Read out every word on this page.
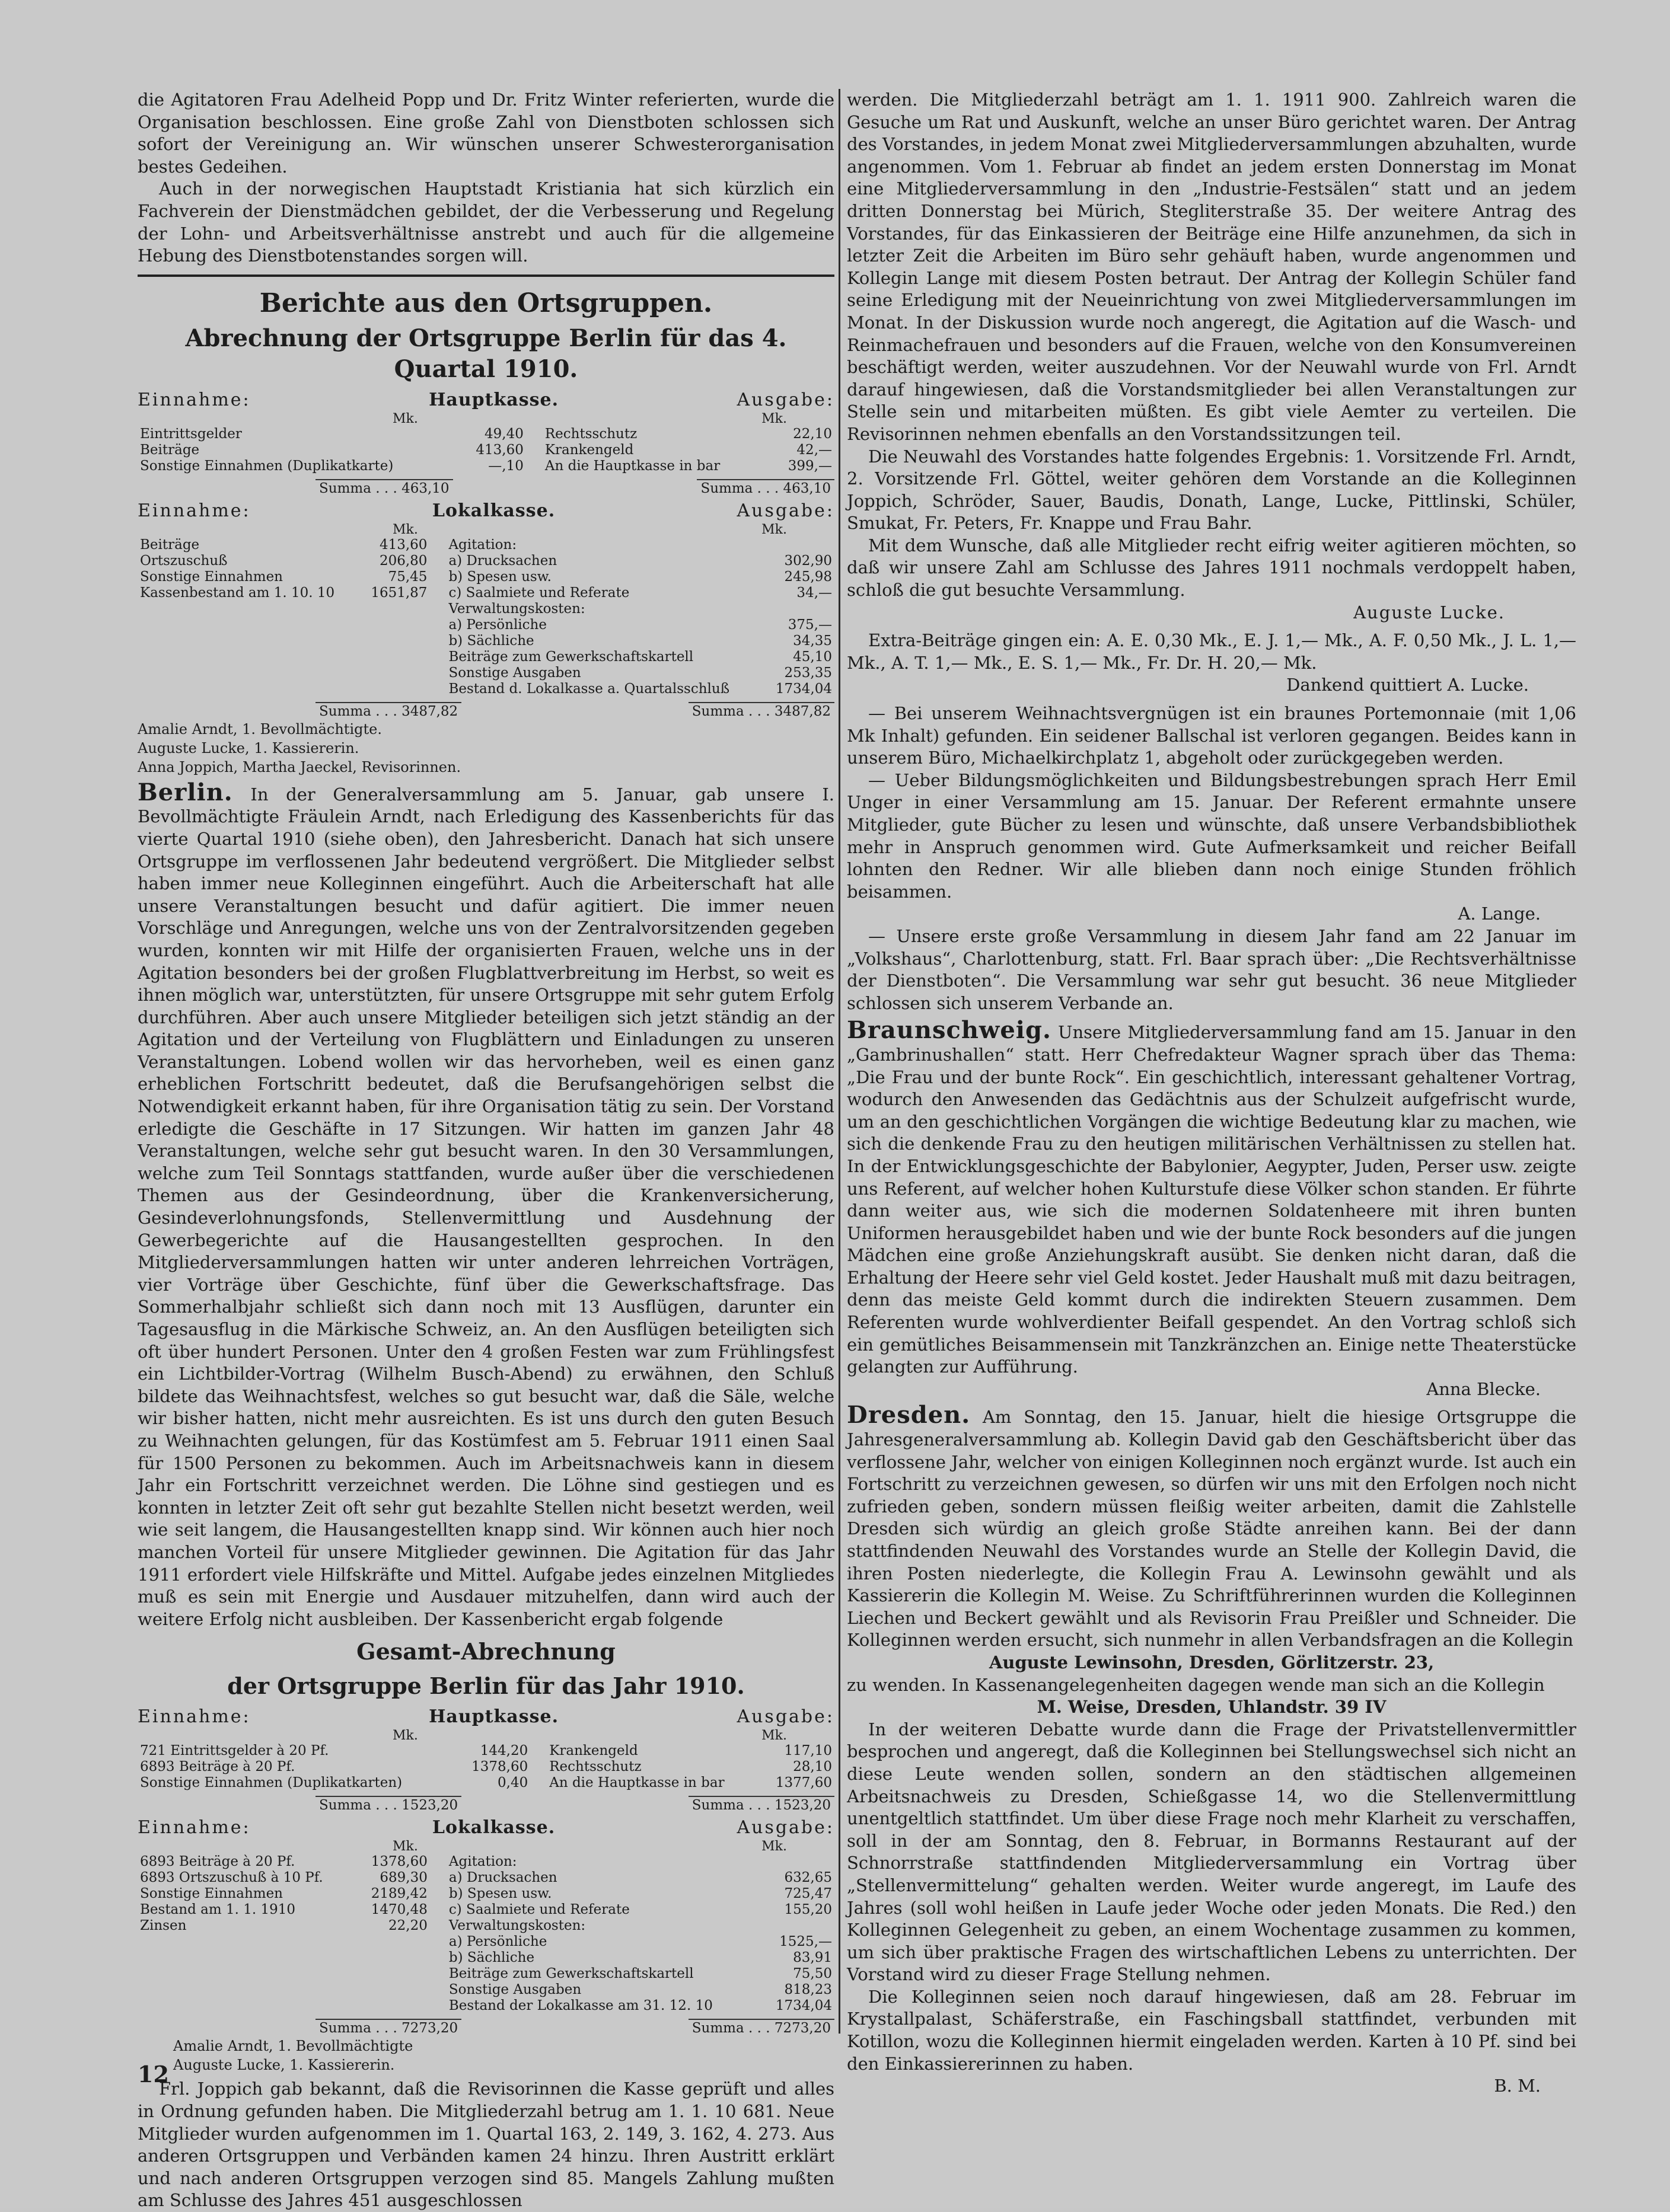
die Agitatoren Frau Adelheid Popp und Dr. Fritz Winter referierten, wurde die Organisation beschlossen. Eine große Zahl von Dienstboten schlossen sich sofort der Vereinigung an. Wir wünschen unserer Schwesterorganisation bestes Gedeihen.

Auch in der norwegischen Hauptstadt Kristiania hat sich kürzlich ein Fachverein der Dienstmädchen gebildet, der die Verbesserung und Regelung der Lohn- und Arbeitsverhältnisse anstrebt und auch für die allgemeine Hebung des Dienstbotenstandes sorgen will.

Berichte aus den Ortsgruppen.
Abrechnung der Ortsgruppe Berlin für das 4. Quartal 1910.
Einnahme:	Hauptkasse.	Ausgabe:
Mk.	Mk.
Eintrittsgelder	49,40		Rechtsschutz	22,10
Beiträge	413,60		Krankengeld	42,—
Sonstige Einnahmen (Duplikatkarte)	—,10		An die Hauptkasse in bar	399,—
Summa . . . 463,10	Summa . . . 463,10
Einnahme:	Lokalkasse.	Ausgabe:
Mk.	Mk.
Beiträge	413,60		Agitation:	
Ortszuschuß	206,80		a) Drucksachen	302,90
Sonstige Einnahmen	75,45		b) Spesen usw.	245,98
Kassenbestand am 1. 10. 10	1651,87		c) Saalmiete und Referate	34,—
			Verwaltungskosten:	
			a) Persönliche	375,—
			b) Sächliche	34,35
			Beiträge zum Gewerkschaftskartell	45,10
			Sonstige Ausgaben	253,35
			Bestand d. Lokalkasse a. Quartalsschluß	1734,04
Summa . . . 3487,82	Summa . . . 3487,82
Amalie Arndt, 1. Bevollmächtigte.
Auguste Lucke, 1. Kassiererin.
Anna Joppich, Martha Jaeckel, Revisorinnen.

Berlin. In der Generalversammlung am 5. Januar, gab unsere I. Bevollmächtigte Fräulein Arndt, nach Erledigung des Kassenberichts für das vierte Quartal 1910 (siehe oben), den Jahresbericht. Danach hat sich unsere Ortsgruppe im verflossenen Jahr bedeutend vergrößert. Die Mitglieder selbst haben immer neue Kolleginnen eingeführt. Auch die Arbeiterschaft hat alle unsere Veranstaltungen besucht und dafür agitiert. Die immer neuen Vorschläge und Anregungen, welche uns von der Zentralvorsitzenden gegeben wurden, konnten wir mit Hilfe der organisierten Frauen, welche uns in der Agitation besonders bei der großen Flugblattverbreitung im Herbst, so weit es ihnen möglich war, unterstützten, für unsere Ortsgruppe mit sehr gutem Erfolg durchführen. Aber auch unsere Mitglieder beteiligen sich jetzt ständig an der Agitation und der Verteilung von Flugblättern und Einladungen zu unseren Veranstaltungen. Lobend wollen wir das hervorheben, weil es einen ganz erheblichen Fortschritt bedeutet, daß die Berufsangehörigen selbst die Notwendigkeit erkannt haben, für ihre Organisation tätig zu sein. Der Vorstand erledigte die Geschäfte in 17 Sitzungen. Wir hatten im ganzen Jahr 48 Veranstaltungen, welche sehr gut besucht waren. In den 30 Versammlungen, welche zum Teil Sonntags stattfanden, wurde außer über die verschiedenen Themen aus der Gesindeordnung, über die Krankenversicherung, Gesindeverlohnungsfonds, Stellenvermittlung und Ausdehnung der Gewerbegerichte auf die Hausangestellten gesprochen. In den Mitgliederversammlungen hatten wir unter anderen lehrreichen Vorträgen, vier Vorträge über Geschichte, fünf über die Gewerkschaftsfrage. Das Sommerhalbjahr schließt sich dann noch mit 13 Ausflügen, darunter ein Tagesausflug in die Märkische Schweiz, an. An den Ausflügen beteiligten sich oft über hundert Personen. Unter den 4 großen Festen war zum Frühlingsfest ein Lichtbilder-Vortrag (Wilhelm Busch-Abend) zu erwähnen, den Schluß bildete das Weihnachtsfest, welches so gut besucht war, daß die Säle, welche wir bisher hatten, nicht mehr ausreichten. Es ist uns durch den guten Besuch zu Weihnachten gelungen, für das Kostümfest am 5. Februar 1911 einen Saal für 1500 Personen zu bekommen. Auch im Arbeitsnachweis kann in diesem Jahr ein Fortschritt verzeichnet werden. Die Löhne sind gestiegen und es konnten in letzter Zeit oft sehr gut bezahlte Stellen nicht besetzt werden, weil wie seit langem, die Hausangestellten knapp sind. Wir können auch hier noch manchen Vorteil für unsere Mitglieder gewinnen. Die Agitation für das Jahr 1911 erfordert viele Hilfskräfte und Mittel. Aufgabe jedes einzelnen Mitgliedes muß es sein mit Energie und Ausdauer mitzuhelfen, dann wird auch der weitere Erfolg nicht ausbleiben. Der Kassenbericht ergab folgende

Gesamt-Abrechnung
der Ortsgruppe Berlin für das Jahr 1910.
Einnahme:	Hauptkasse.	Ausgabe:
Mk.	Mk.
721 Eintrittsgelder à 20 Pf.	144,20		Krankengeld	117,10
6893 Beiträge à 20 Pf.	1378,60		Rechtsschutz	28,10
Sonstige Einnahmen (Duplikatkarten)	0,40		An die Hauptkasse in bar	1377,60
Summa . . . 1523,20	Summa . . . 1523,20
Einnahme:	Lokalkasse.	Ausgabe:
Mk.	Mk.
6893 Beiträge à 20 Pf.	1378,60		Agitation:	
6893 Ortszuschuß à 10 Pf.	689,30		a) Drucksachen	632,65
Sonstige Einnahmen	2189,42		b) Spesen usw.	725,47
Bestand am 1. 1. 1910	1470,48		c) Saalmiete und Referate	155,20
Zinsen	22,20		Verwaltungskosten:	
			a) Persönliche	1525,—
			b) Sächliche	83,91
			Beiträge zum Gewerkschaftskartell	75,50
			Sonstige Ausgaben	818,23
			Bestand der Lokalkasse am 31. 12. 10	1734,04
Summa . . . 7273,20	Summa . . . 7273,20
Amalie Arndt, 1. Bevollmächtigte
Auguste Lucke, 1. Kassiererin.

Frl. Joppich gab bekannt, daß die Revisorinnen die Kasse geprüft und alles in Ordnung gefunden haben. Die Mitgliederzahl betrug am 1. 1. 10 681. Neue Mitglieder wurden aufgenommen im 1. Quartal 163, 2. 149, 3. 162, 4. 273. Aus anderen Ortsgruppen und Verbänden kamen 24 hinzu. Ihren Austritt erklärt und nach anderen Ortsgruppen verzogen sind 85. Mangels Zahlung mußten am Schlusse des Jahres 451 ausgeschlossen

12

werden. Die Mitgliederzahl beträgt am 1. 1. 1911 900. Zahlreich waren die Gesuche um Rat und Auskunft, welche an unser Büro gerichtet waren. Der Antrag des Vorstandes, in jedem Monat zwei Mitgliederversammlungen abzuhalten, wurde angenommen. Vom 1. Februar ab findet an jedem ersten Donnerstag im Monat eine Mitgliederversammlung in den „Industrie-Festsälen“ statt und an jedem dritten Donnerstag bei Mürich, Stegliterstraße 35. Der weitere Antrag des Vorstandes, für das Einkassieren der Beiträge eine Hilfe anzunehmen, da sich in letzter Zeit die Arbeiten im Büro sehr gehäuft haben, wurde angenommen und Kollegin Lange mit diesem Posten betraut. Der Antrag der Kollegin Schüler fand seine Erledigung mit der Neueinrichtung von zwei Mitgliederversammlungen im Monat. In der Diskussion wurde noch angeregt, die Agitation auf die Wasch- und Reinmachefrauen und besonders auf die Frauen, welche von den Konsumvereinen beschäftigt werden, weiter auszudehnen. Vor der Neuwahl wurde von Frl. Arndt darauf hingewiesen, daß die Vorstandsmitglieder bei allen Veranstaltungen zur Stelle sein und mitarbeiten müßten. Es gibt viele Aemter zu verteilen. Die Revisorinnen nehmen ebenfalls an den Vorstandssitzungen teil.

Die Neuwahl des Vorstandes hatte folgendes Ergebnis: 1. Vorsitzende Frl. Arndt, 2. Vorsitzende Frl. Göttel, weiter gehören dem Vorstande an die Kolleginnen Joppich, Schröder, Sauer, Baudis, Donath, Lange, Lucke, Pittlinski, Schüler, Smukat, Fr. Peters, Fr. Knappe und Frau Bahr.

Mit dem Wunsche, daß alle Mitglieder recht eifrig weiter agitieren möchten, so daß wir unsere Zahl am Schlusse des Jahres 1911 nochmals verdoppelt haben, schloß die gut besuchte Versammlung.

Auguste Lucke.

Extra-Beiträge gingen ein: A. E. 0,30 Mk., E. J. 1,— Mk., A. F. 0,50 Mk., J. L. 1,— Mk., A. T. 1,— Mk., E. S. 1,— Mk., Fr. Dr. H. 20,— Mk.

Dankend quittiert A. Lucke.

— Bei unserem Weihnachtsvergnügen ist ein braunes Portemonnaie (mit 1,06 Mk Inhalt) gefunden. Ein seidener Ballschal ist verloren gegangen. Beides kann in unserem Büro, Michaelkirchplatz 1, abgeholt oder zurückgegeben werden.

— Ueber Bildungsmöglichkeiten und Bildungsbestrebungen sprach Herr Emil Unger in einer Versammlung am 15. Januar. Der Referent ermahnte unsere Mitglieder, gute Bücher zu lesen und wünschte, daß unsere Verbandsbibliothek mehr in Anspruch genommen wird. Gute Aufmerksamkeit und reicher Beifall lohnten den Redner. Wir alle blieben dann noch einige Stunden fröhlich beisammen.

A. Lange.

— Unsere erste große Versammlung in diesem Jahr fand am 22 Januar im „Volkshaus“, Charlottenburg, statt. Frl. Baar sprach über: „Die Rechtsverhältnisse der Dienstboten“. Die Versammlung war sehr gut besucht. 36 neue Mitglieder schlossen sich unserem Verbande an.

Braunschweig. Unsere Mitgliederversammlung fand am 15. Januar in den „Gambrinushallen“ statt. Herr Chefredakteur Wagner sprach über das Thema: „Die Frau und der bunte Rock“. Ein geschichtlich, interessant gehaltener Vortrag, wodurch den Anwesenden das Gedächtnis aus der Schulzeit aufgefrischt wurde, um an den geschichtlichen Vorgängen die wichtige Bedeutung klar zu machen, wie sich die denkende Frau zu den heutigen militärischen Verhältnissen zu stellen hat. In der Entwicklungsgeschichte der Babylonier, Aegypter, Juden, Perser usw. zeigte uns Referent, auf welcher hohen Kulturstufe diese Völker schon standen. Er führte dann weiter aus, wie sich die modernen Soldatenheere mit ihren bunten Uniformen herausgebildet haben und wie der bunte Rock besonders auf die jungen Mädchen eine große Anziehungskraft ausübt. Sie denken nicht daran, daß die Erhaltung der Heere sehr viel Geld kostet. Jeder Haushalt muß mit dazu beitragen, denn das meiste Geld kommt durch die indirekten Steuern zusammen. Dem Referenten wurde wohlverdienter Beifall gespendet. An den Vortrag schloß sich ein gemütliches Beisammensein mit Tanzkränzchen an. Einige nette Theaterstücke gelangten zur Aufführung.

Anna Blecke.

Dresden. Am Sonntag, den 15. Januar, hielt die hiesige Ortsgruppe die Jahresgeneralversammlung ab. Kollegin David gab den Geschäftsbericht über das verflossene Jahr, welcher von einigen Kolleginnen noch ergänzt wurde. Ist auch ein Fortschritt zu verzeichnen gewesen, so dürfen wir uns mit den Erfolgen noch nicht zufrieden geben, sondern müssen fleißig weiter arbeiten, damit die Zahlstelle Dresden sich würdig an gleich große Städte anreihen kann. Bei der dann stattfindenden Neuwahl des Vorstandes wurde an Stelle der Kollegin David, die ihren Posten niederlegte, die Kollegin Frau A. Lewinsohn gewählt und als Kassiererin die Kollegin M. Weise. Zu Schriftführerinnen wurden die Kolleginnen Liechen und Beckert gewählt und als Revisorin Frau Preißler und Schneider. Die Kolleginnen werden ersucht, sich nunmehr in allen Verbandsfragen an die Kollegin

Auguste Lewinsohn, Dresden, Görlitzerstr. 23,

zu wenden. In Kassenangelegenheiten dagegen wende man sich an die Kollegin

M. Weise, Dresden, Uhlandstr. 39 IV

In der weiteren Debatte wurde dann die Frage der Privatstellenvermittler besprochen und angeregt, daß die Kolleginnen bei Stellungswechsel sich nicht an diese Leute wenden sollen, sondern an den städtischen allgemeinen Arbeitsnachweis zu Dresden, Schießgasse 14, wo die Stellenvermittlung unentgeltlich stattfindet. Um über diese Frage noch mehr Klarheit zu verschaffen, soll in der am Sonntag, den 8. Februar, in Bormanns Restaurant auf der Schnorrstraße stattfindenden Mitgliederversammlung ein Vortrag über „Stellenvermittelung“ gehalten werden. Weiter wurde angeregt, im Laufe des Jahres (soll wohl heißen in Laufe jeder Woche oder jeden Monats. Die Red.) den Kolleginnen Gelegenheit zu geben, an einem Wochentage zusammen zu kommen, um sich über praktische Fragen des wirtschaftlichen Lebens zu unterrichten. Der Vorstand wird zu dieser Frage Stellung nehmen.

Die Kolleginnen seien noch darauf hingewiesen, daß am 28. Februar im Krystallpalast, Schäferstraße, ein Faschingsball stattfindet, verbunden mit Kotillon, wozu die Kolleginnen hiermit eingeladen werden. Karten à 10 Pf. sind bei den Einkassiererinnen zu haben.

B. M.
